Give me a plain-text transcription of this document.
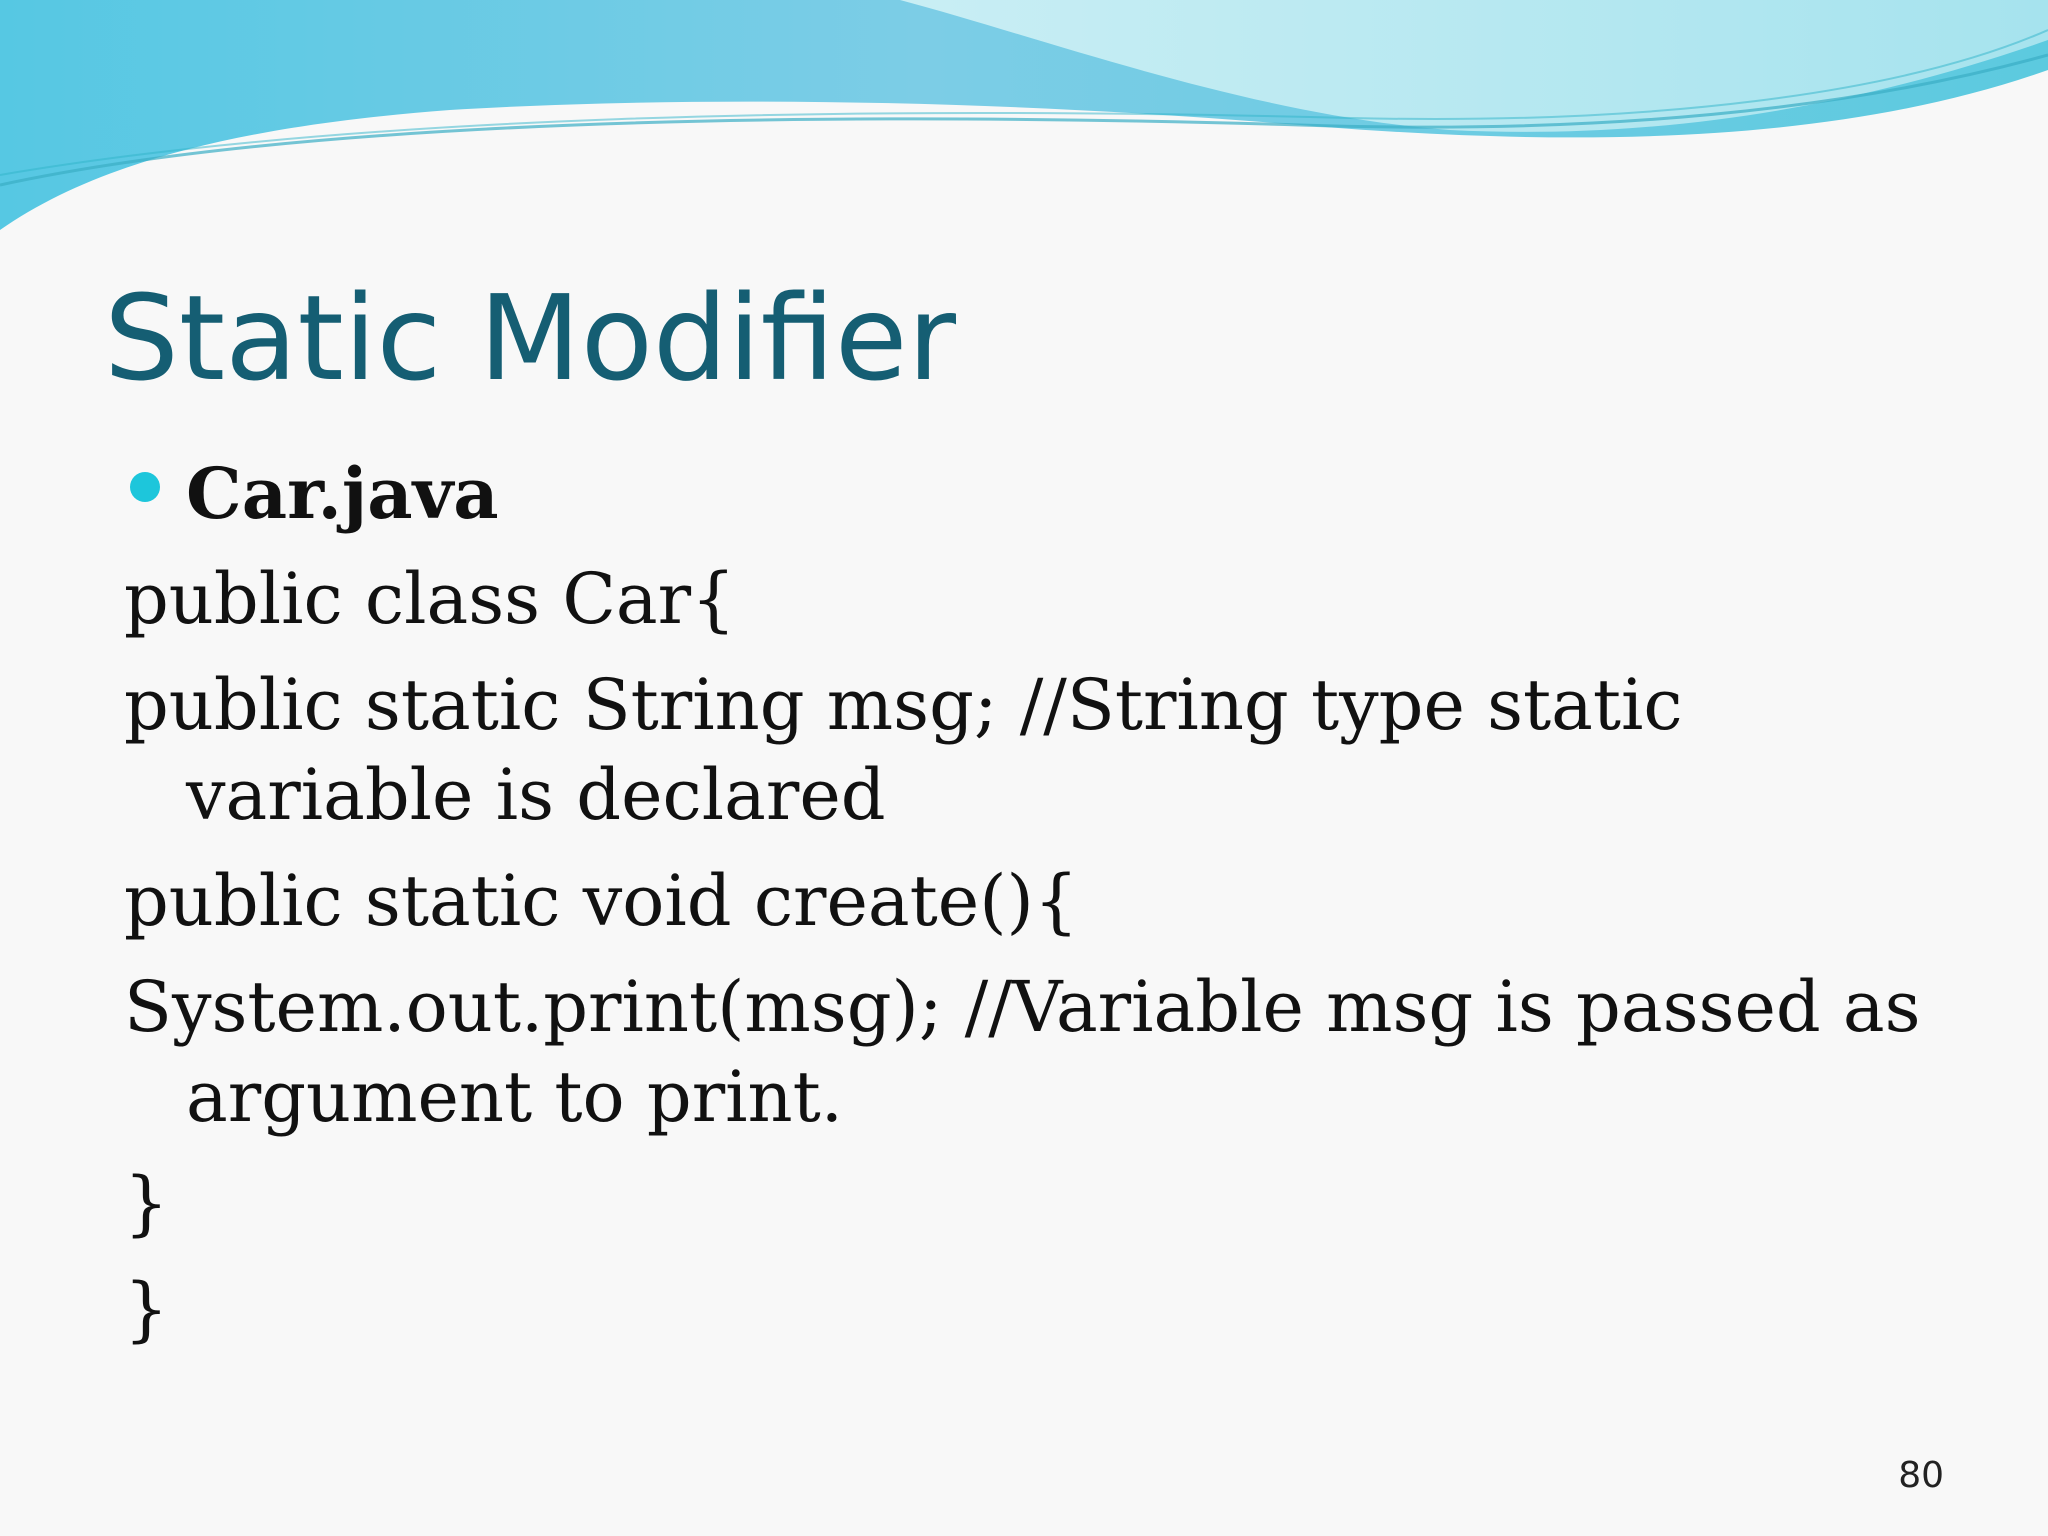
Static Modifier
Car.java
public class Car{
public static String msg; //String type static variable is declared
public static void create(){
System.out.print(msg); //Variable msg is passed as argument to print.
}
}
80
